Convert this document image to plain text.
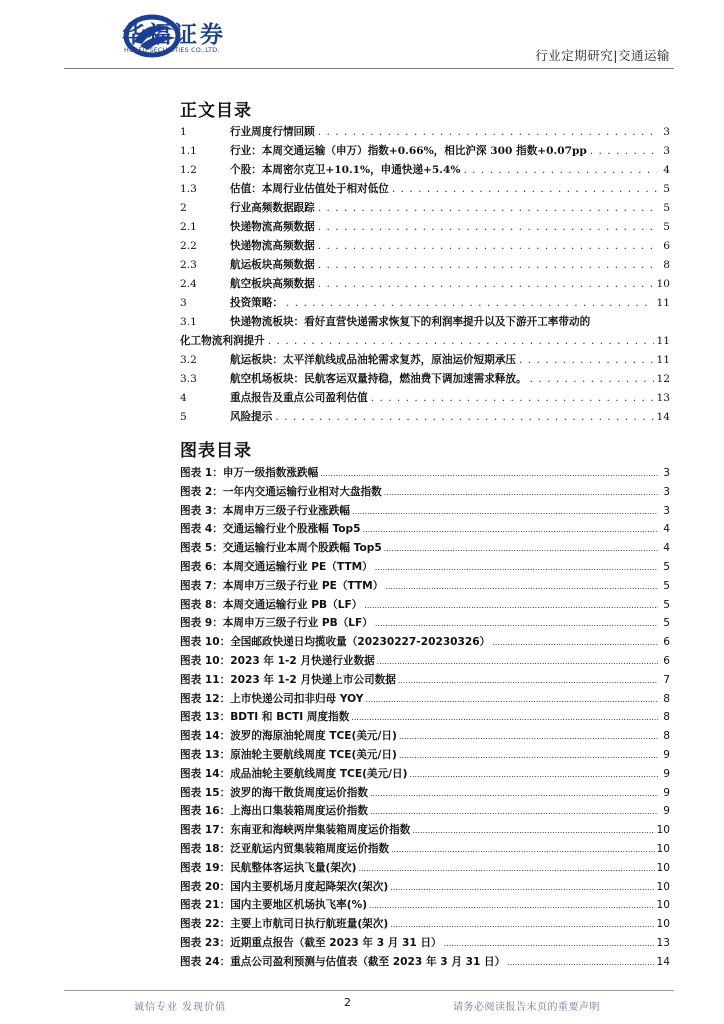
华福证券
HUAFU SECURITIES CO.,LTD.	行业定期研究|交通运输
正文目录
1	行业周度行情回顾 . . .	3
1.1	行业：本周交通运输（申万）指数+0.66%，相比沪深 300 指数+0.07pp . . .	3
1.2	个股：本周密尔克卫+10.1%，申通快递+5.4% . . .	4
1.3	估值：本周行业估值处于相对低位 . . .	5
2	行业高频数据跟踪 . . .	5
2.1	快递物流高频数据 . . .	5
2.2	快递物流高频数据 . . .	6
2.3	航运板块高频数据 . . .	8
2.4	航空板块高频数据 . . .	10
3	投资策略： . . .	11
3.1	快递物流板块：看好直营快递需求恢复下的利润率提升以及下游开工率带动的
化工物流利润提升 . . .	11
3.2	航运板块：太平洋航线成品油轮需求复苏，原油运价短期承压 . . .	11
3.3	航空机场板块：民航客运双量持稳，燃油费下调加速需求释放。 . . .	12
4	重点报告及重点公司盈利估值 . . .	13
5	风险提示 . . .	14
图表目录
图表 1：申万一级指数涨跌幅 .....	3
图表 2：一年内交通运输行业相对大盘指数 .....	3
图表 3：本周申万三级子行业涨跌幅 .....	3
图表 4：交通运输行业个股涨幅 Top5 .....	4
图表 5：交通运输行业本周个股跌幅 Top5 .....	4
图表 6：本周交通运输行业 PE（TTM） .....	5
图表 7：本周申万三级子行业 PE（TTM） .....	5
图表 8：本周交通运输行业 PB（LF） .....	5
图表 9：本周申万三级子行业 PB（LF） .....	5
图表 10：全国邮政快递日均揽收量（20230227-20230326） .....	6
图表 10：2023 年 1-2 月快递行业数据 .....	6
图表 11：2023 年 1-2 月快递上市公司数据 .....	7
图表 12：上市快递公司扣非归母 YOY .....	8
图表 13：BDTI 和 BCTI 周度指数 .....	8
图表 14：波罗的海原油轮周度 TCE(美元/日) .....	8
图表 13：原油轮主要航线周度 TCE(美元/日) .....	9
图表 14：成品油轮主要航线周度 TCE(美元/日) .....	9
图表 15：波罗的海干散货周度运价指数 .....	9
图表 16：上海出口集装箱周度运价指数 .....	9
图表 17：东南亚和海峡两岸集装箱周度运价指数 .....	10
图表 18：泛亚航运内贸集装箱周度运价指数 .....	10
图表 19：民航整体客运执飞量(架次) .....	10
图表 20：国内主要机场月度起降架次(架次) .....	10
图表 21：国内主要地区机场执飞率(%) .....	10
图表 22：主要上市航司日执行航班量(架次) .....	10
图表 23：近期重点报告（截至 2023 年 3 月 31 日） .....	13
图表 24：重点公司盈利预测与估值表（截至 2023 年 3 月 31 日） .....	14
诚信专业 发现价值	2	请务必阅读报告末页的重要声明
